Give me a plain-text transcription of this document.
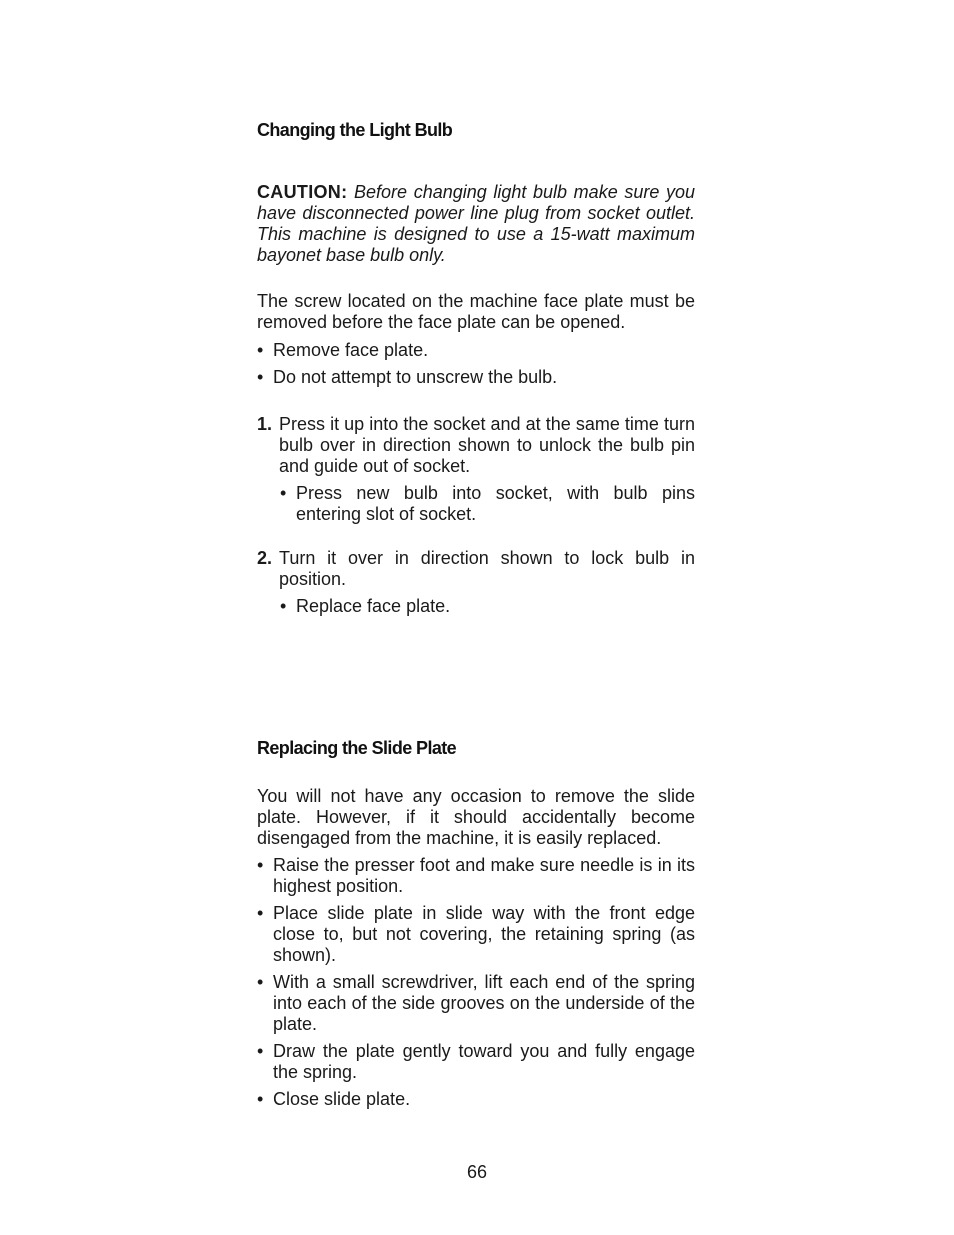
Changing the Light Bulb
CAUTION: Before changing light bulb make sure you have disconnected power line plug from socket outlet. This machine is designed to use a 15-watt maximum bayonet base bulb only.
The screw located on the machine face plate must be removed before the face plate can be opened.
• Remove face plate.
• Do not attempt to unscrew the bulb.
1. Press it up into the socket and at the same time turn bulb over in direction shown to unlock the bulb pin and guide out of socket.
• Press new bulb into socket, with bulb pins entering slot of socket.
2. Turn it over in direction shown to lock bulb in position.
• Replace face plate.
Replacing the Slide Plate
You will not have any occasion to remove the slide plate. However, if it should accidentally become disengaged from the machine, it is easily replaced.
• Raise the presser foot and make sure needle is in its highest position.
• Place slide plate in slide way with the front edge close to, but not covering, the retaining spring (as shown).
• With a small screwdriver, lift each end of the spring into each of the side grooves on the underside of the plate.
• Draw the plate gently toward you and fully engage the spring.
• Close slide plate.
66
